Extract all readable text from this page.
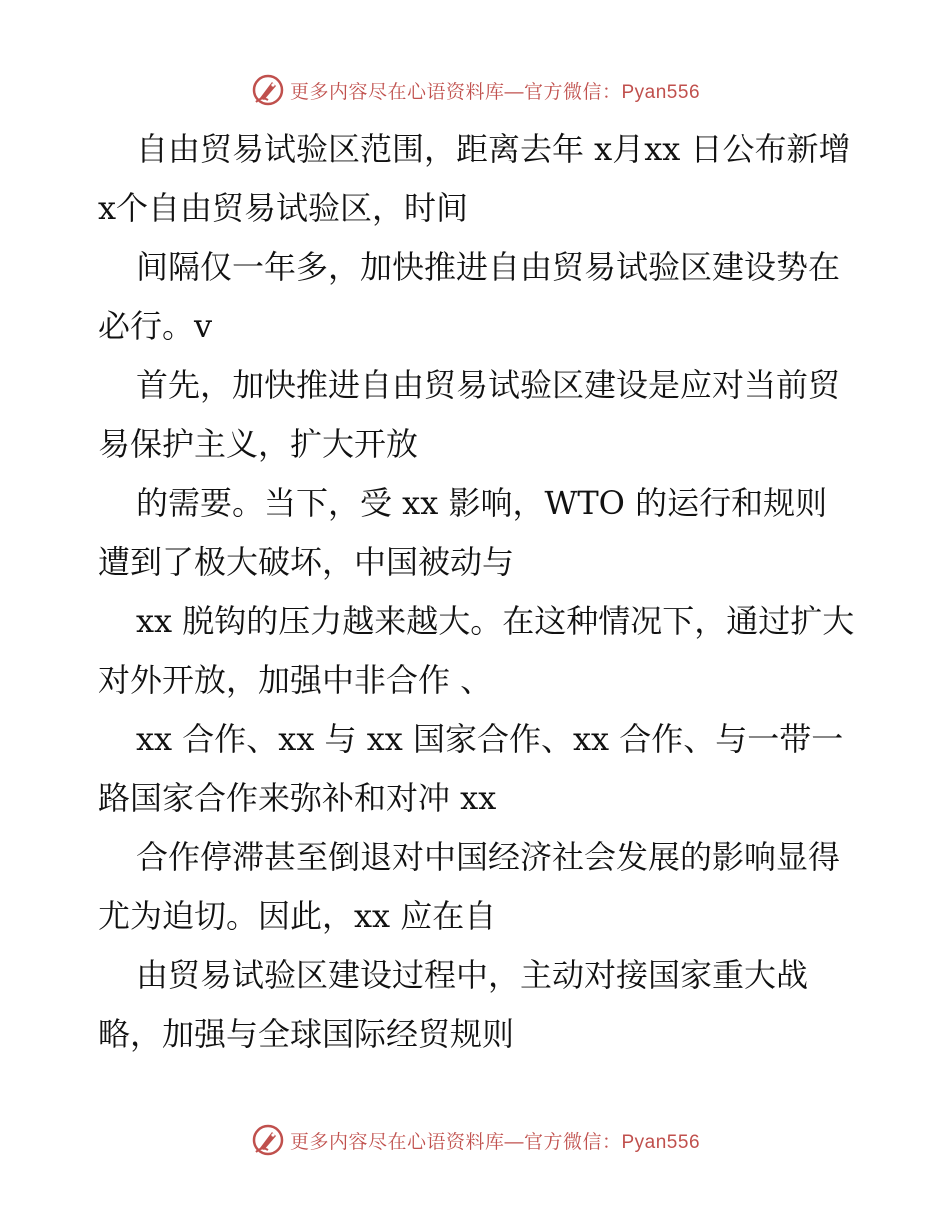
更多内容尽在心语资料库 —官方微信：Pyan556

自由贸易试验区范围，距离去年 x月xx 日公布新增 x个自由贸易试验区，时间

间隔仅一年多，加快推进自由贸易试验区建设势在必行。v

首先，加快推进自由贸易试验区建设是应对当前贸易保护主义，扩大开放

的需要。当下，受 xx 影响，WTO 的运行和规则遭到了极大破坏，中国被动与

xx 脱钩的压力越来越大。在这种情况下，通过扩大对外开放，加强中非合作 、

xx 合作、xx 与 xx 国家合作、xx 合作、与一带一路国家合作来弥补和对冲 xx

合作停滞甚至倒退对中国经济社会发展的影响显得尤为迫切。因此，xx 应在自

由贸易试验区建设过程中，主动对接国家重大战略，加强与全球国际经贸规则

更多内容尽在心语资料库 —官方微信：Pyan556
